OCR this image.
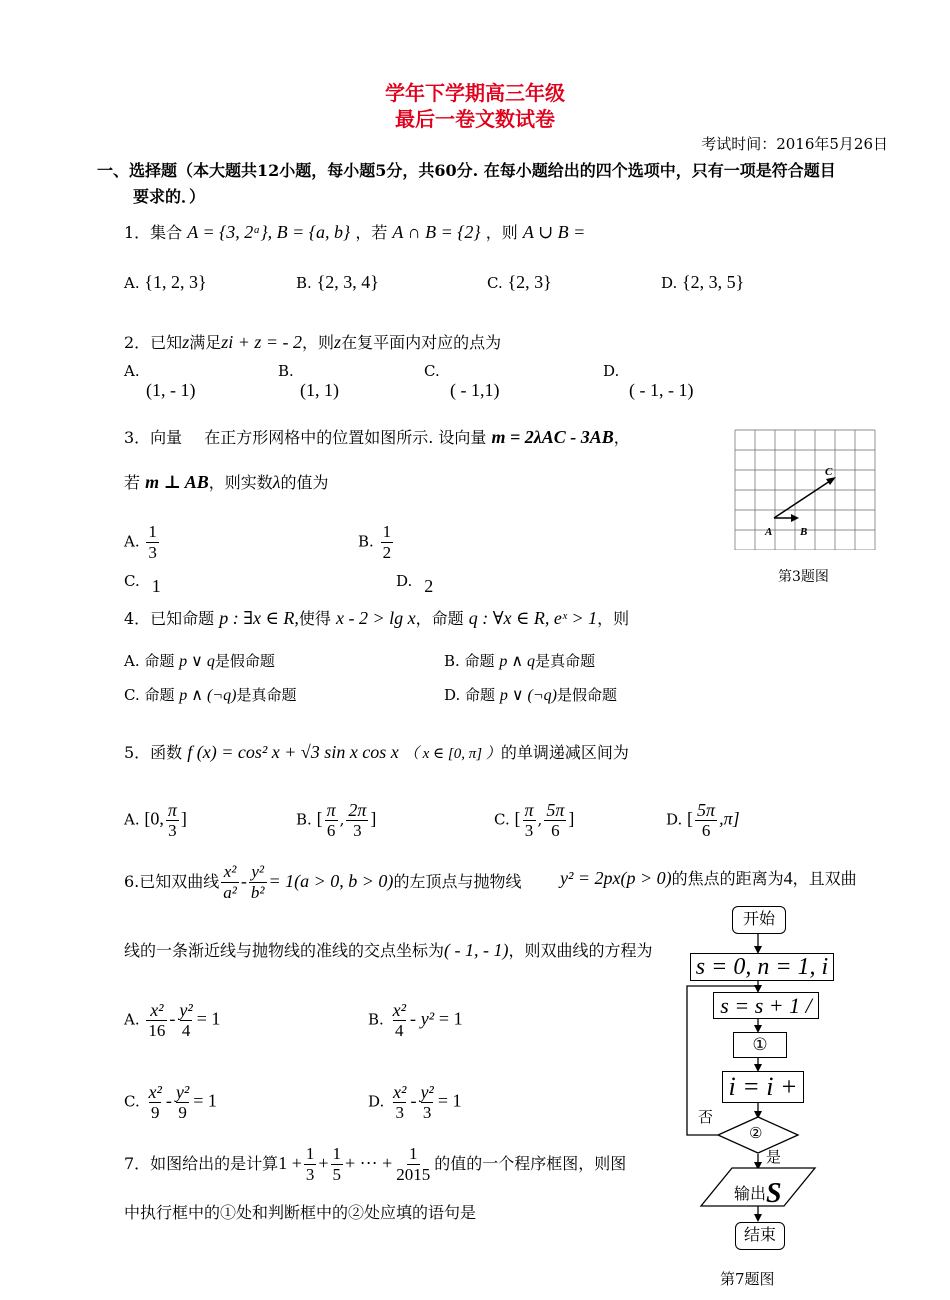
学年下学期高三年级
最后一卷文数试卷
考试时间：2016年5月26日
一、选择题（本大题共12小题，每小题5分，共60分. 在每小题给出的四个选项中，只有一项是符合题目
要求的．）
1．集合 A = {3, 2ᵃ}, B = {a, b} ，若 A ∩ B = {2} ，则 A ∪ B =
A. {1, 2, 3}	B. {2, 3, 4}	C. {2, 3}	D. {2, 3, 5}
2．已知z满足zi + z = - 2，则z在复平面内对应的点为
A.
(1, - 1)
B.
(1, 1)
C.
( - 1,1)
D.
( - 1, - 1)
3．向量 在正方形网格中的位置如图所示. 设向量 m = 2λAC - 3AB，
若 m ⊥ AB，则实数λ的值为
A. $\frac{1}{3}$	B. $\frac{1}{2}$
C. 1	D. 2
A	B
C
第3题图
4．已知命题 p : ∃x ∈ R,使得 x - 2 > lg x，命题 q : ∀x ∈ R, eˣ > 1，则
A. 命题 p ∨ q是假命题	B. 命题 p ∧ q是真命题
C. 命题 p ∧ (¬q)是真命题	D. 命题 p ∨ (¬q)是假命题
5．函数 f (x) = cos² x + √3 sin x cos x （ x ∈ [0, π] ）的单调递减区间为
A. [0, $\frac{\pi}{3}$ ]	B. [ $\frac{\pi}{6}$ , $\frac{2\pi}{3}$ ]	C. [ $\frac{\pi}{3}$ , $\frac{5\pi}{6}$ ]	D. [ $\frac{5\pi}{6} ,\pi$]
6.已知双曲线 $\frac{\text{x²}}{\text{a²}} - \frac{\text{y²}}{\text{b²}} = 1(a > 0$, b > 0)的左顶点与抛物线 y² = 2px(p > 0)的焦点的距离为4，且双曲
线的一条渐近线与抛物线的准线的交点坐标为( - 1, - 1)，则双曲线的方程为
A. $\frac{\text{x²}}{16} - \frac{\text{y²}}{4} = 1$	B. $\frac{\text{x²}}{4} - y^2 = 1$
C. $\frac{\text{x²}}{9} - \frac{\text{y²}}{9} = 1$	D. $\frac{\text{x²}}{3} - \frac{\text{y²}}{3} = 1$
7．如图给出的是计算$1 + \frac{1}{3} + \frac{1}{5}$ + ··· + $\frac{1}{2015}$ 的值的一个程序框图，则图
中执行框中的①处和判断框中的②处应填的语句是
开始
s = 0, n = 1, i
s = s + 1 /
①
i = i +
②
否
是
输出S
结束
第7题图
